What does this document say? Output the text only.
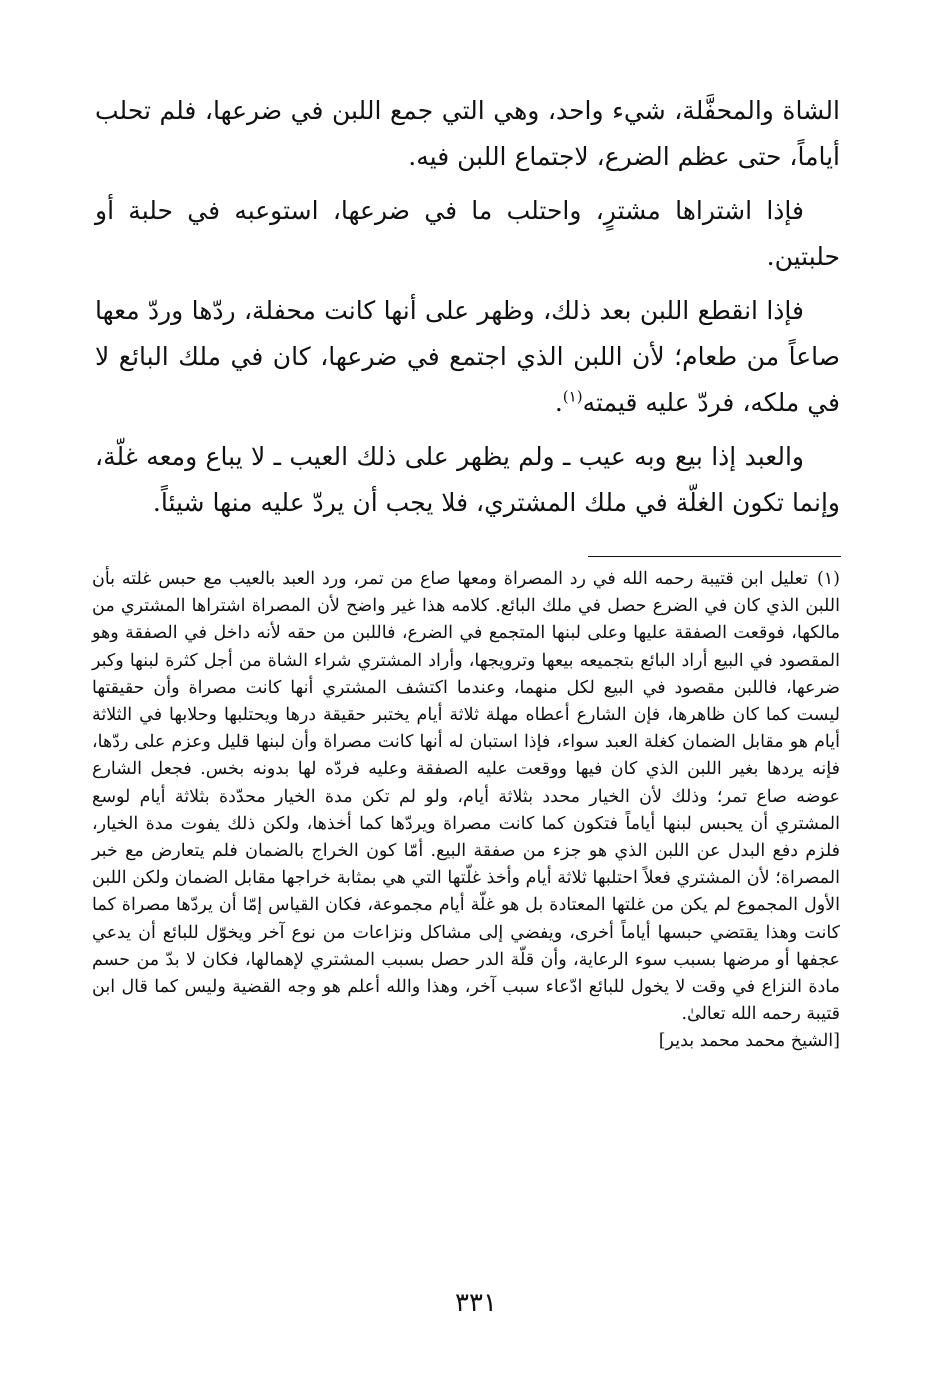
الشاة والمحفَّلة، شيء واحد، وهي التي جمع اللبن في ضرعها، فلم تحلب أياماً، حتى عظم الضرع، لاجتماع اللبن فيه.

فإذا اشتراها مشترٍ، واحتلب ما في ضرعها، استوعبه في حلبة أو حلبتين.

فإذا انقطع اللبن بعد ذلك، وظهر على أنها كانت محفلة، ردّها وردّ معها صاعاً من طعام؛ لأن اللبن الذي اجتمع في ضرعها، كان في ملك البائع لا في ملكه، فردّ عليه قيمته$^{(١)}$.

والعبد إذا بيع وبه عيب ـ ولم يظهر على ذلك العيب ـ لا يباع ومعه غلّة، وإنما تكون الغلّة في ملك المشتري، فلا يجب أن يردّ عليه منها شيئاً.

(١)تعليل ابن قتيبة رحمه الله في رد المصراة ومعها صاع من تمر، ورد العبد بالعيب مع حبس غلته بأن اللبن الذي كان في الضرع حصل في ملك البائع. كلامه هذا غير واضح لأن المصراة اشتراها المشتري من مالكها، فوقعت الصفقة عليها وعلى لبنها المتجمع في الضرع، فاللبن من حقه لأنه داخل في الصفقة وهو المقصود في البيع أراد البائع بتجميعه بيعها وترويجها، وأراد المشتري شراء الشاة من أجل كثرة لبنها وكبر ضرعها، فاللبن مقصود في البيع لكل منهما، وعندما اكتشف المشتري أنها كانت مصراة وأن حقيقتها ليست كما كان ظاهرها، فإن الشارع أعطاه مهلة ثلاثة أيام يختبر حقيقة درها ويحتلبها وحلابها في الثلاثة أيام هو مقابل الضمان كغلة العبد سواء، فإذا استبان له أنها كانت مصراة وأن لبنها قليل وعزم على ردّها، فإنه يردها بغير اللبن الذي كان فيها ووقعت عليه الصفقة وعليه فردّه لها بدونه بخس. فجعل الشارع عوضه صاع تمر؛ وذلك لأن الخيار محدد بثلاثة أيام، ولو لم تكن مدة الخيار محدّدة بثلاثة أيام لوسع المشتري أن يحبس لبنها أياماً فتكون كما كانت مصراة ويردّها كما أخذها، ولكن ذلك يفوت مدة الخيار، فلزم دفع البدل عن اللبن الذي هو جزء من صفقة البيع. أمّا كون الخراج بالضمان فلم يتعارض مع خبر المصراة؛ لأن المشتري فعلاً احتلبها ثلاثة أيام وأخذ غلّتها التي هي بمثابة خراجها مقابل الضمان ولكن اللبن الأول المجموع لم يكن من غلتها المعتادة بل هو غلّة أيام مجموعة، فكان القياس إمّا أن يردّها مصراة كما كانت وهذا يقتضي حبسها أياماً أخرى، ويفضي إلى مشاكل ونزاعات من نوع آخر ويخوّل للبائع أن يدعي عجفها أو مرضها بسبب سوء الرعاية، وأن قلّة الدر حصل بسبب المشتري لإهمالها، فكان لا بدّ من حسم مادة النزاع في وقت لا يخول للبائع ادّعاء سبب آخر، وهذا والله أعلم هو وجه القضية وليس كما قال ابن قتيبة رحمه الله تعالىٰ.
[الشيخ محمد محمد بدير]
٣٣١
